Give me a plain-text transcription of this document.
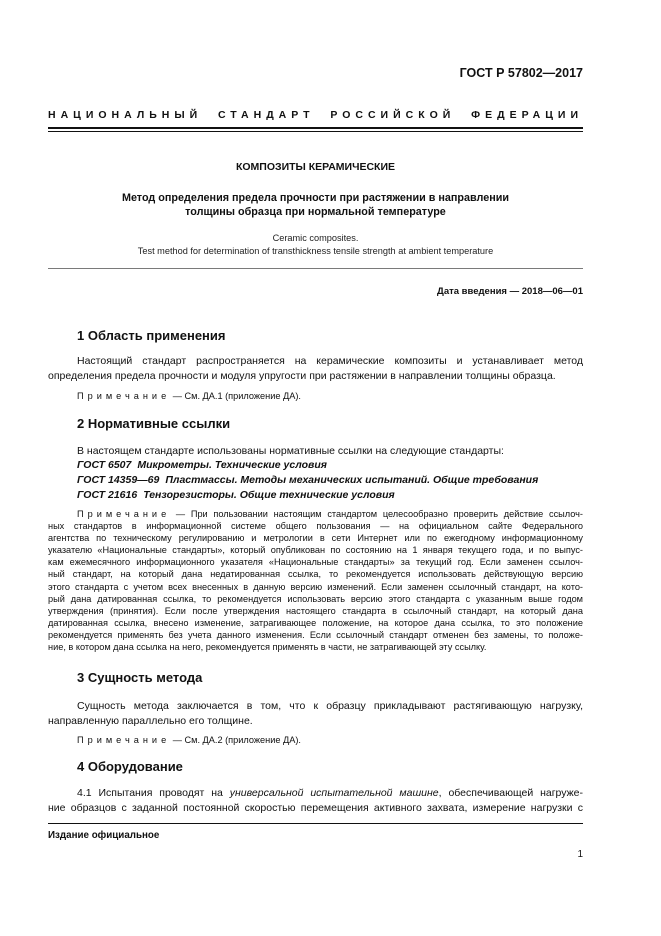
ГОСТ Р 57802—2017
НАЦИОНАЛЬНЫЙ СТАНДАРТ РОССИЙСКОЙ ФЕДЕРАЦИИ
КОМПОЗИТЫ КЕРАМИЧЕСКИЕ
Метод определения предела прочности при растяжении в направлении
толщины образца при нормальной температуре
Ceramic composites.
Test method for determination of transthickness tensile strength at ambient temperature
Дата введения — 2018—06—01
1 Область применения
Настоящий стандарт распространяется на керамические композиты и устанавливает метод
определения предела прочности и модуля упругости при растяжении в направлении толщины образца.
Примечание — См. ДА.1 (приложение ДА).
2 Нормативные ссылки
В настоящем стандарте использованы нормативные ссылки на следующие стандарты:
ГОСТ 6507 Микрометры. Технические условия
ГОСТ 14359—69 Пластмассы. Методы механических испытаний. Общие требования
ГОСТ 21616 Тензорезисторы. Общие технические условия
Примечание — При пользовании настоящим стандартом целесообразно проверить действие ссылоч-
ных стандартов в информационной системе общего пользования — на официальном сайте Федерального
агентства по техническому регулированию и метрологии в сети Интернет или по ежегодному информационному
указателю «Национальные стандарты», который опубликован по состоянию на 1 января текущего года, и по выпус-
кам ежемесячного информационного указателя «Национальные стандарты» за текущий год. Если заменен ссылоч-
ный стандарт, на который дана недатированная ссылка, то рекомендуется использовать действующую версию
этого стандарта с учетом всех внесенных в данную версию изменений. Если заменен ссылочный стандарт, на кото-
рый дана датированная ссылка, то рекомендуется использовать версию этого стандарта с указанным выше годом
утверждения (принятия). Если после утверждения настоящего стандарта в ссылочный стандарт, на который дана
датированная ссылка, внесено изменение, затрагивающее положение, на которое дана ссылка, то это положение
рекомендуется применять без учета данного изменения. Если ссылочный стандарт отменен без замены, то положе-
ние, в котором дана ссылка на него, рекомендуется применять в части, не затрагивающей эту ссылку.
3 Сущность метода
Сущность метода заключается в том, что к образцу прикладывают растягивающую нагрузку,
направленную параллельно его толщине.
Примечание — См. ДА.2 (приложение ДА).
4 Оборудование
4.1 Испытания проводят на универсальной испытательной машине, обеспечивающей нагруже-
ние образцов с заданной постоянной скоростью перемещения активного захвата, измерение нагрузки с
Издание официальное
1
